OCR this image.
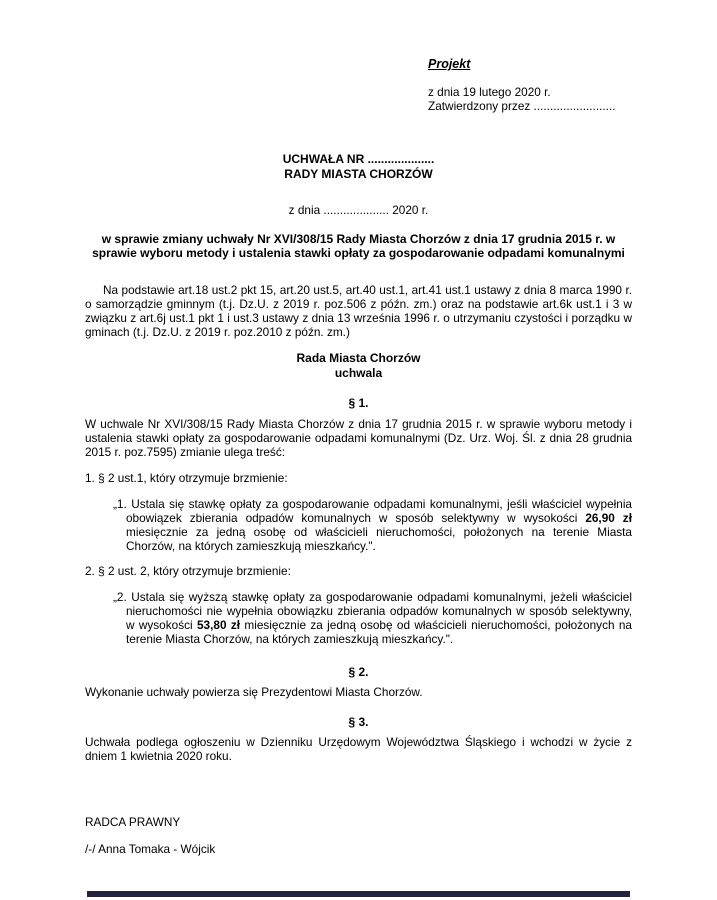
Projekt

z dnia 19 lutego 2020 r.

Zatwierdzony przez .........................

UCHWAŁA NR ....................
RADY MIASTA CHORZÓW
z dnia .................... 2020 r.
w sprawie zmiany uchwały Nr XVI/308/15 Rady Miasta Chorzów z dnia 17 grudnia 2015 r. w sprawie wyboru metody i ustalenia stawki opłaty za gospodarowanie odpadami komunalnymi

Na podstawie art.18 ust.2 pkt 15, art.20 ust.5, art.40 ust.1, art.41 ust.1 ustawy z dnia 8 marca 1990 r. o samorządzie gminnym (t.j. Dz.U. z 2019 r. poz.506 z późn. zm.) oraz na podstawie art.6k ust.1 i 3 w związku z art.6j ust.1 pkt 1 i ust.3 ustawy z dnia 13 września 1996 r. o utrzymaniu czystości i porządku w gminach (t.j. Dz.U. z 2019 r. poz.2010 z późn. zm.)

Rada Miasta Chorzów
uchwala
§ 1.

W uchwale Nr XVI/308/15 Rady Miasta Chorzów z dnia 17 grudnia 2015 r. w sprawie wyboru metody i ustalenia stawki opłaty za gospodarowanie odpadami komunalnymi (Dz. Urz. Woj. Śl. z dnia 28 grudnia 2015 r. poz.7595) zmianie ulega treść:

1. § 2 ust.1, który otrzymuje brzmienie:

„1. Ustala się stawkę opłaty za gospodarowanie odpadami komunalnymi, jeśli właściciel wypełnia obowiązek zbierania odpadów komunalnych w sposób selektywny w wysokości 26,90 zł miesięcznie za jedną osobę od właścicieli nieruchomości, położonych na terenie Miasta Chorzów, na których zamieszkują mieszkańcy.".

2. § 2 ust. 2, który otrzymuje brzmienie:

„2. Ustala się wyższą stawkę opłaty za gospodarowanie odpadami komunalnymi, jeżeli właściciel nieruchomości nie wypełnia obowiązku zbierania odpadów komunalnych w sposób selektywny, w wysokości 53,80 zł miesięcznie za jedną osobę od właścicieli nieruchomości, położonych na terenie Miasta Chorzów, na których zamieszkują mieszkańcy.".

§ 2.

Wykonanie uchwały powierza się Prezydentowi Miasta Chorzów.

§ 3.

Uchwała podlega ogłoszeniu w Dzienniku Urzędowym Województwa Śląskiego i wchodzi w życie z dniem 1 kwietnia 2020 roku.

RADCA PRAWNY

/-/ Anna Tomaka - Wójcik
